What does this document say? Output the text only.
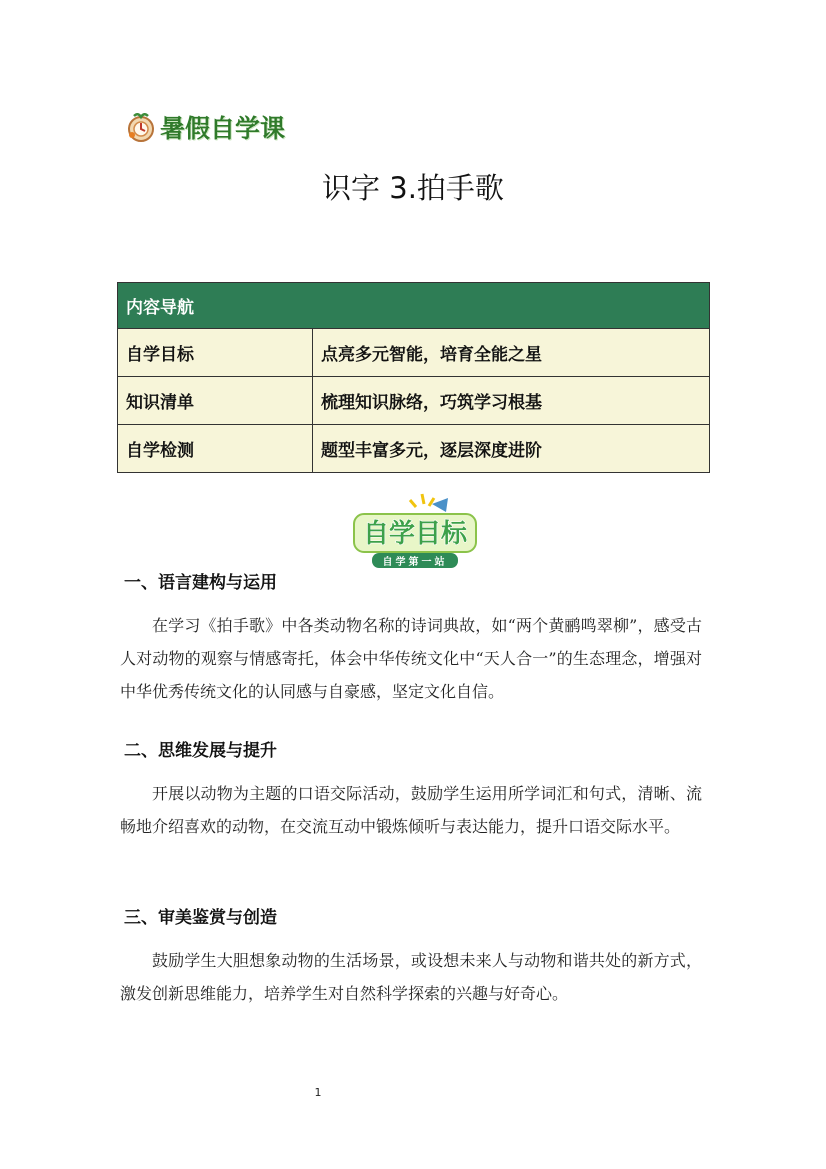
暑假自学课
识字 3.拍手歌
内容导航	
自学目标	点亮多元智能，培育全能之星
知识清单	梳理知识脉络，巧筑学习根基
自学检测	题型丰富多元，逐层深度进阶
自学目标
自学第一站
一、语言建构与运用
在学习《拍手歌》中各类动物名称的诗词典故，如“两个黄鹂鸣翠柳”，感受古人对动物的观察与情感寄托，体会中华传统文化中“天人合一”的生态理念，增强对中华优秀传统文化的认同感与自豪感，坚定文化自信。
二、思维发展与提升
开展以动物为主题的口语交际活动，鼓励学生运用所学词汇和句式，清晰、流畅地介绍喜欢的动物，在交流互动中锻炼倾听与表达能力，提升口语交际水平。
三、审美鉴赏与创造
鼓励学生大胆想象动物的生活场景，或设想未来人与动物和谐共处的新方式，激发创新思维能力，培养学生对自然科学探索的兴趣与好奇心。
1
